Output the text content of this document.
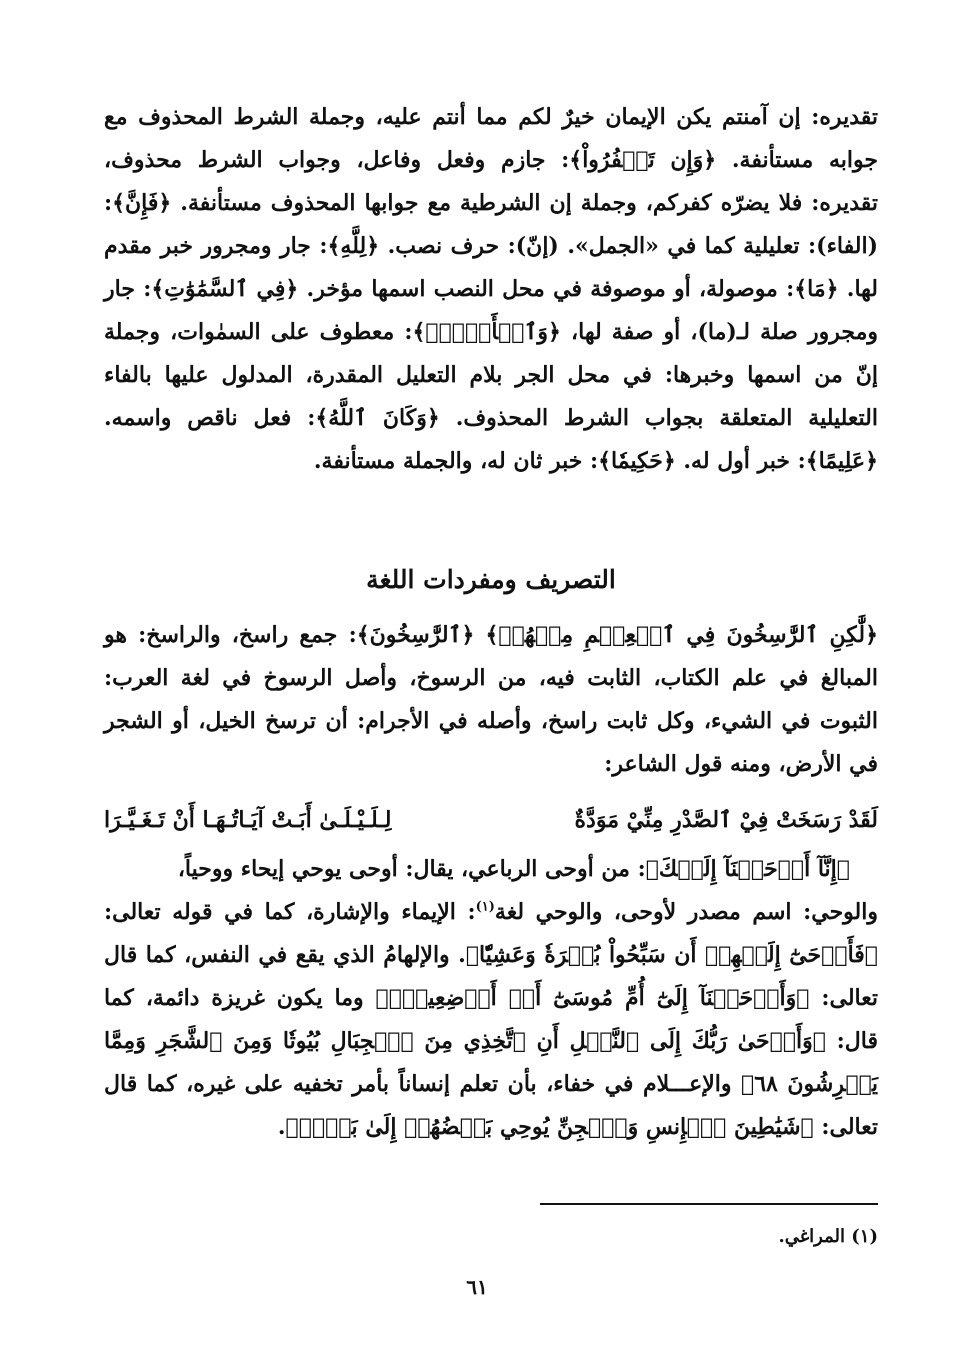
تقديره: إن آمنتم يكن الإيمان خيرٌ لكم مما أنتم عليه، وجملة الشرط المحذوف مع جوابه مستأنفة. ﴿وَإِن تَكۡفُرُواْ﴾: جازم وفعل وفاعل، وجواب الشرط محذوف، تقديره: فلا يضرّه كفركم، وجملة إن الشرطية مع جوابها المحذوف مستأنفة. ﴿فَإِنَّ﴾: (الفاء): تعليلية كما في «الجمل». (إنّ): حرف نصب. ﴿لِلَّهِ﴾: جار ومجرور خبر مقدم لها. ﴿مَا﴾: موصولة، أو موصوفة في محل النصب اسمها مؤخر. ﴿فِي ٱلسَّمَٰوَٰتِ﴾: جار ومجرور صلة لـ(ما)، أو صفة لها، ﴿وَٱلۡأَرۡضِۚ﴾: معطوف على السمٰوات، وجملة إنّ من اسمها وخبرها: في محل الجر بلام التعليل المقدرة، المدلول عليها بالفاء التعليلية المتعلقة بجواب الشرط المحذوف. ﴿وَكَانَ ٱللَّهُ﴾: فعل ناقص واسمه. ﴿عَلِيمًا﴾: خبر أول له. ﴿حَكِيمٗا﴾: خبر ثان له، والجملة مستأنفة.
التصريف ومفردات اللغة
﴿لَّٰكِنِ ٱلرَّٰسِخُونَ فِي ٱلۡعِلۡمِ مِنۡهُمۡ﴾ ﴿ٱلرَّٰسِخُونَ﴾: جمع راسخ، والراسخ: هو المبالغ في علم الكتاب، الثابت فيه، من الرسوخ، وأصل الرسوخ في لغة العرب: الثبوت في الشيء، وكل ثابت راسخ، وأصله في الأجرام: أن ترسخ الخيل، أو الشجر في الأرض، ومنه قول الشاعر:
لَقَدْ رَسَخَتْ فِيْ ٱلصَّدْرِ مِنِّيْ مَوَدَّةٌ
لِـلَـيْـلَـىٰ أَبَـتْ آيَـاتُـهَـا أَنْ تَـغَـيَّـرَا
﴿إِنَّآ أَوۡحَيۡنَآ إِلَيۡكَ﴾: من أوحى الرباعي، يقال: أوحى يوحي إيحاء ووحياً،
والوحي: اسم مصدر لأوحى، والوحي لغة$^{(١)}$: الإيماء والإشارة، كما في قوله تعالى: ﴿فَأَوۡحَىٰٓ إِلَيۡهِمۡ أَن سَبِّحُواْ بُكۡرَةٗ وَعَشِيّٗا﴾. والإلهامُ الذي يقع في النفس، كما قال تعالى: ﴿وَأَوۡحَيۡنَآ إِلَىٰٓ أُمِّ مُوسَىٰٓ أَنۡ أَرۡضِعِيهِۖ﴾ وما يكون غريزة دائمة، كما قال: ﴿وَأَوۡحَىٰ رَبُّكَ إِلَى ٱلنَّحۡلِ أَنِ ٱتَّخِذِي مِنَ ٱلۡجِبَالِ بُيُوتٗا وَمِنَ ٱلشَّجَرِ وَمِمَّا يَعۡرِشُونَ ٦٨﴾ والإعـــلام في خفاء، بأن تعلم إنساناً بأمر تخفيه على غيره، كما قال تعالى: ﴿شَيَٰطِينَ ٱلۡإِنسِ وَٱلۡجِنِّ يُوحِي بَعۡضُهُمۡ إِلَىٰ بَعۡضٖ﴾.
(١) المراغي.
٦١
